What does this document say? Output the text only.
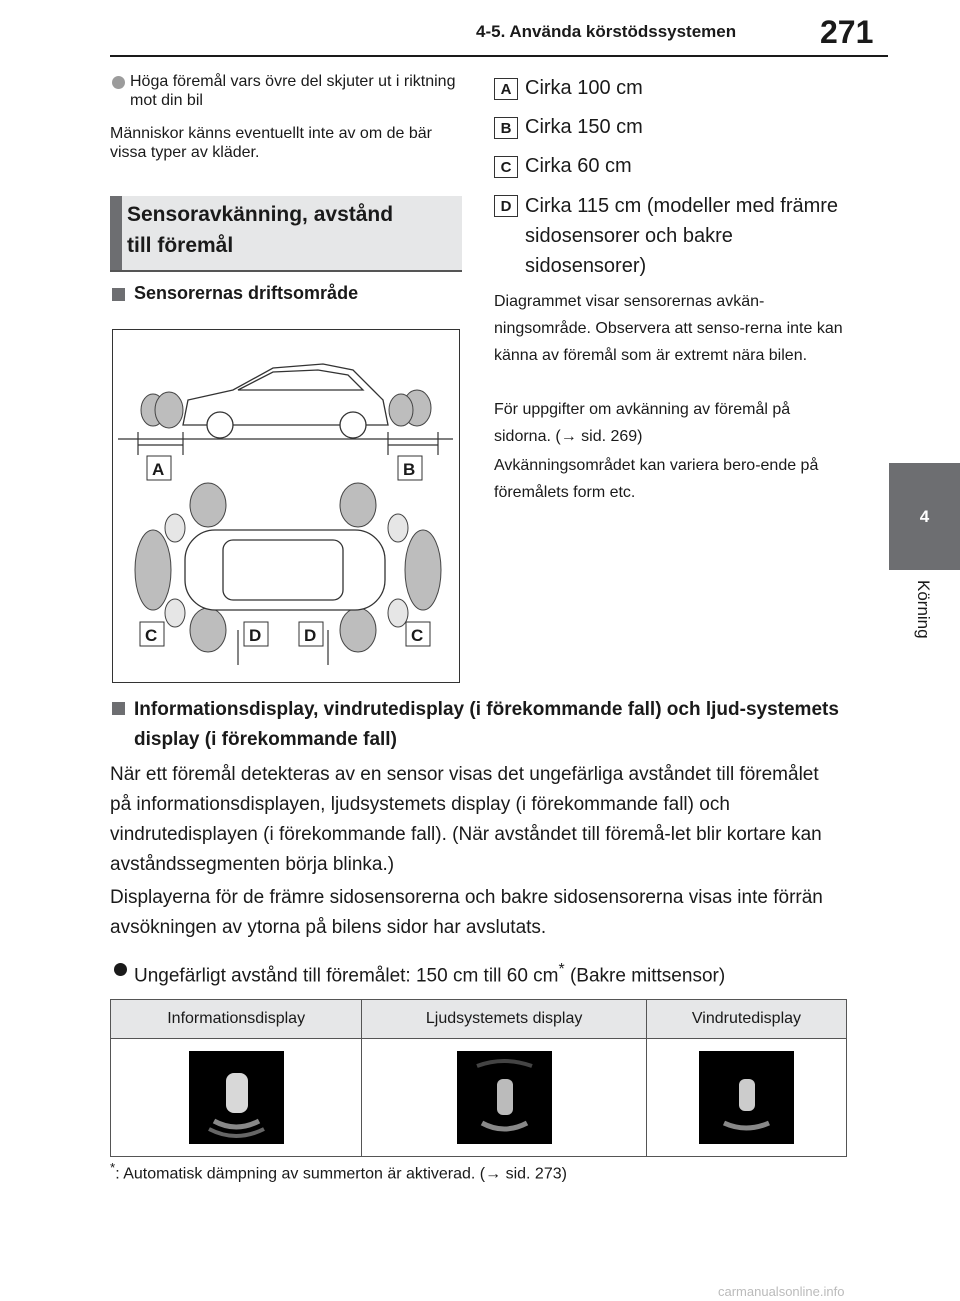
4-5. Använda körstödssystemen	271
4
Körning
Höga föremål vars övre del skjuter ut i riktning mot din bil
Människor känns eventuellt inte av om de bär vissa typer av kläder.
Sensoravkänning, avstånd
till föremål
Sensorernas driftsområde
A	B
C	D	D	C
A Cirka 100 cm
B Cirka 150 cm
C Cirka 60 cm
D Cirka 115 cm (modeller med främre sidosensorer och bakre sidosensorer)
Diagrammet visar sensorernas avkän-ningsområde. Observera att senso-rerna inte kan känna av föremål som är extremt nära bilen.
För uppgifter om avkänning av föremål på sidorna. (→ sid. 269)
Avkänningsområdet kan variera bero-ende på föremålets form etc.
Informationsdisplay, vindrutedisplay (i förekommande fall) och ljud-systemets display (i förekommande fall)
När ett föremål detekteras av en sensor visas det ungefärliga avståndet till föremålet på informationsdisplayen, ljudsystemets display (i förekommande fall) och vindrutedisplayen (i förekommande fall). (När avståndet till föremå-let blir kortare kan avståndssegmenten börja blinka.)
Displayerna för de främre sidosensorerna och bakre sidosensorerna visas inte förrän avsökningen av ytorna på bilens sidor har avslutats.
Ungefärligt avstånd till föremålet: 150 cm till 60 cm* (Bakre mittsensor)
Informationsdisplay	Ljudsystemets display	Vindrutedisplay

*: Automatisk dämpning av summerton är aktiverad. (→ sid. 273)
carmanualsonline.info
